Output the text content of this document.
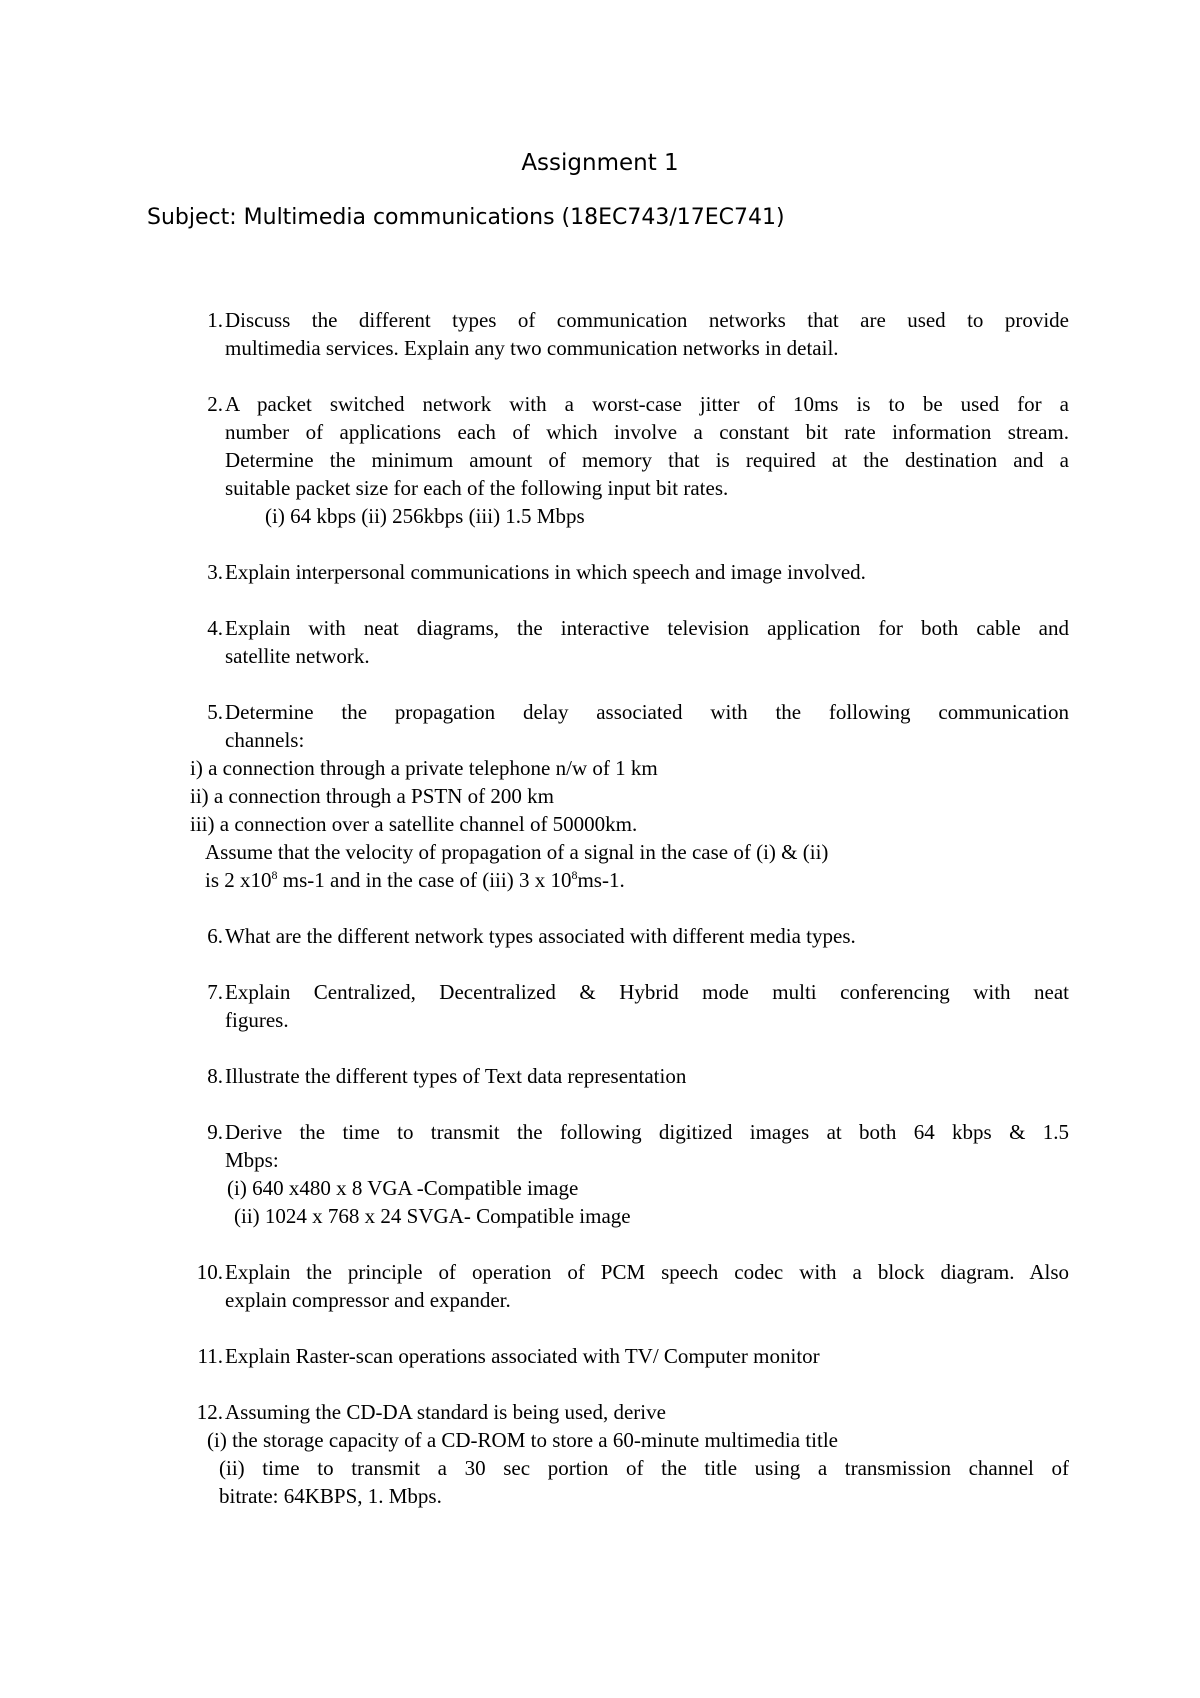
Assignment 1
Subject: Multimedia communications (18EC743/17EC741)
1. Discuss the different types of communication networks that are used to provide
multimedia services. Explain any two communication networks in detail.
2. A packet switched network with a worst-case jitter of 10ms is to be used for a
number of applications each of which involve a constant bit rate information stream.
Determine the minimum amount of memory that is required at the destination and a
suitable packet size for each of the following input bit rates.
(i) 64 kbps (ii) 256kbps (iii) 1.5 Mbps
3. Explain interpersonal communications in which speech and image involved.
4. Explain with neat diagrams, the interactive television application for both cable and
satellite network.
5. Determine the propagation delay associated with the following communication
channels:
i) a connection through a private telephone n/w of 1 km
ii) a connection through a PSTN of 200 km
iii) a connection over a satellite channel of 50000km.
Assume that the velocity of propagation of a signal in the case of (i) & (ii)
is 2 $x10^8$ ms-1 and in the case of (iii) 3 x $10^8ms-1$.
6. What are the different network types associated with different media types.
7. Explain Centralized, Decentralized & Hybrid mode multi conferencing with neat
figures.
8. Illustrate the different types of Text data representation
9. Derive the time to transmit the following digitized images at both 64 kbps & 1.5
Mbps:
(i) 640 x480 x 8 VGA -Compatible image
(ii) 1024 x 768 x 24 SVGA- Compatible image
10. Explain the principle of operation of PCM speech codec with a block diagram. Also
explain compressor and expander.
11. Explain Raster-scan operations associated with TV/ Computer monitor
12. Assuming the CD-DA standard is being used, derive
(i) the storage capacity of a CD-ROM to store a 60-minute multimedia title
(ii) time to transmit a 30 sec portion of the title using a transmission channel of
bitrate: 64KBPS, 1. Mbps.
